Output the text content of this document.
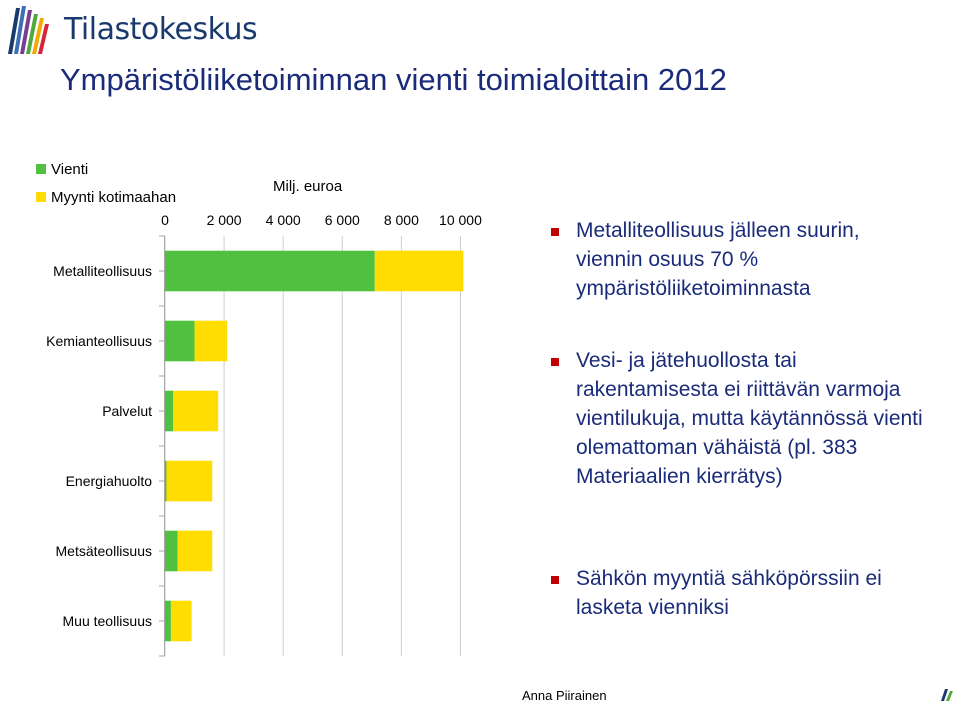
Tilastokeskus
Ympäristöliiketoiminnan vienti toimialoittain 2012
Vienti
Myynti kotimaahan
Milj. euroa
0	2 000 4 000 6 000 8 000 10 000
Metalliteollisuus
Kemianteollisuus
Palvelut
Energiahuolto
Metsäteollisuus
Muu teollisuus
Metalliteollisuus jälleen suurin, viennin osuus 70 % ympäristöliiketoiminnasta
Vesi- ja jätehuollosta tai rakentamisesta ei riittävän varmoja vientilukuja, mutta käytännössä vienti olemattoman vähäistä (pl. 383 Materiaalien kierrätys)
Sähkön myyntiä sähköpörssiin ei lasketa vienniksi
Anna Piirainen
